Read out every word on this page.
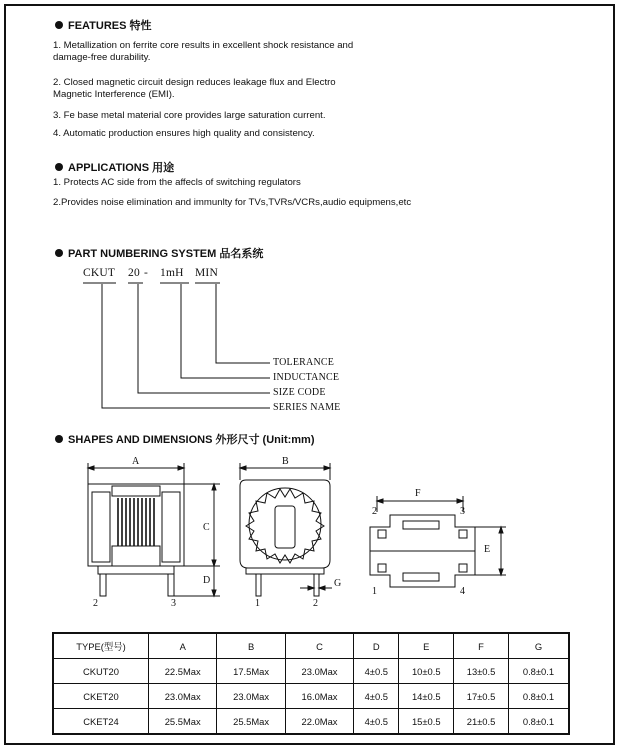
FEATURES 特性
1. Metallization on ferrite core results in excellent shock resistance and
damage-free durability.
2. Closed magnetic circuit design reduces leakage flux and Electro
Magnetic Interference (EMI).
3. Fe base metal material core provides large saturation current.
4. Automatic production ensures high quality and consistency.
APPLICATIONS 用途
1. Protects AC side from the affecls of switching regulators
2.Provides noise elimination and immunlty for TVs,TVRs/VCRs,audio equipmens,etc
PART NUMBERING SYSTEM 品名系统
CKUT 20 - 1mH MIN
TOLERANCE
INDUCTANCE
SIZE CODE
SERIES NAME
SHAPES AND DIMENSIONS 外形尺寸 (Unit:mm)
A
C
D
2	3
B
G
1	2
F
E
2	3
1	4
TYPE(型号)	A	B	C	D	E	F	G
CKUT20	22.5Max	17.5Max	23.0Max	4±0.5	10±0.5	13±0.5	0.8±0.1
CKET20	23.0Max	23.0Max	16.0Max	4±0.5	14±0.5	17±0.5	0.8±0.1
CKET24	25.5Max	25.5Max	22.0Max	4±0.5	15±0.5	21±0.5	0.8±0.1
